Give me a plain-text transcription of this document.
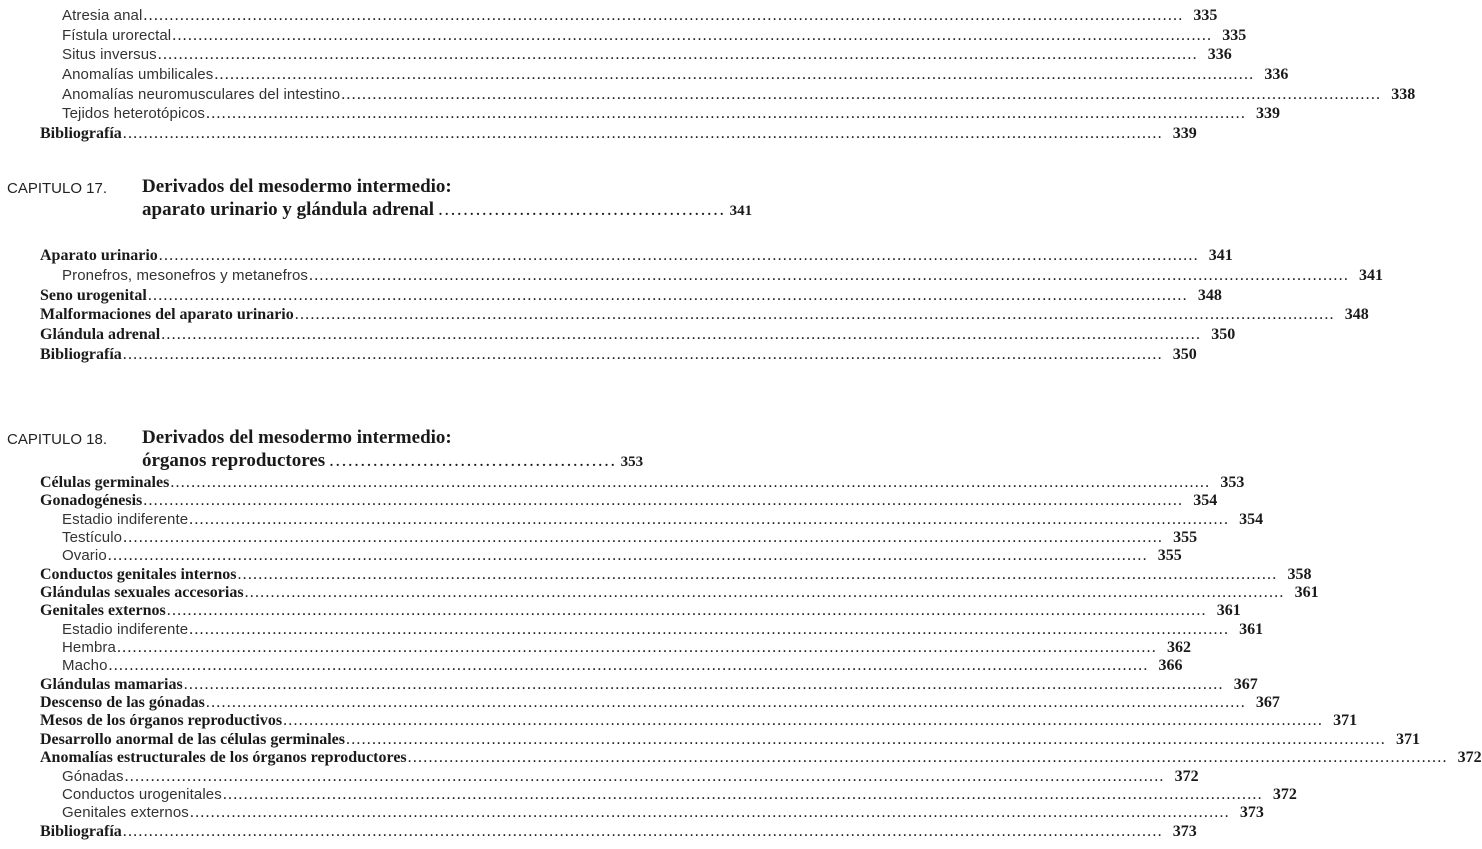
Atresia anal ........................................................................................................................................................................................................ 335
Fístula urorectal ........................................................................................................................................................................................................ 335
Situs inversus ........................................................................................................................................................................................................ 336
Anomalías umbilicales ........................................................................................................................................................................................................ 336
Anomalías neuromusculares del intestino ........................................................................................................................................................................................................ 338
Tejidos heterotópicos ........................................................................................................................................................................................................ 339
Bibliografía ........................................................................................................................................................................................................ 339
CAPITULO 17. Derivados del mesodermo intermedio:
aparato urinario y glándula adrenal .............................................. 341
Aparato urinario ........................................................................................................................................................................................................ 341
Pronefros, mesonefros y metanefros ........................................................................................................................................................................................................ 341
Seno urogenital ........................................................................................................................................................................................................ 348
Malformaciones del aparato urinario ........................................................................................................................................................................................................ 348
Glándula adrenal ........................................................................................................................................................................................................ 350
Bibliografía ........................................................................................................................................................................................................ 350
CAPITULO 18. Derivados del mesodermo intermedio:
órganos reproductores .............................................. 353
Células germinales ........................................................................................................................................................................................................ 353
Gonadogénesis ........................................................................................................................................................................................................ 354
Estadio indiferente ........................................................................................................................................................................................................ 354
Testículo ........................................................................................................................................................................................................ 355
Ovario ........................................................................................................................................................................................................ 355
Conductos genitales internos ........................................................................................................................................................................................................ 358
Glándulas sexuales accesorias ........................................................................................................................................................................................................ 361
Genitales externos ........................................................................................................................................................................................................ 361
Estadio indiferente ........................................................................................................................................................................................................ 361
Hembra ........................................................................................................................................................................................................ 362
Macho ........................................................................................................................................................................................................ 366
Glándulas mamarias ........................................................................................................................................................................................................ 367
Descenso de las gónadas ........................................................................................................................................................................................................ 367
Mesos de los órganos reproductivos ........................................................................................................................................................................................................ 371
Desarrollo anormal de las células germinales ........................................................................................................................................................................................................ 371
Anomalías estructurales de los órganos reproductores ........................................................................................................................................................................................................ 372
Gónadas ........................................................................................................................................................................................................ 372
Conductos urogenitales ........................................................................................................................................................................................................ 372
Genitales externos ........................................................................................................................................................................................................ 373
Bibliografía ........................................................................................................................................................................................................ 373
